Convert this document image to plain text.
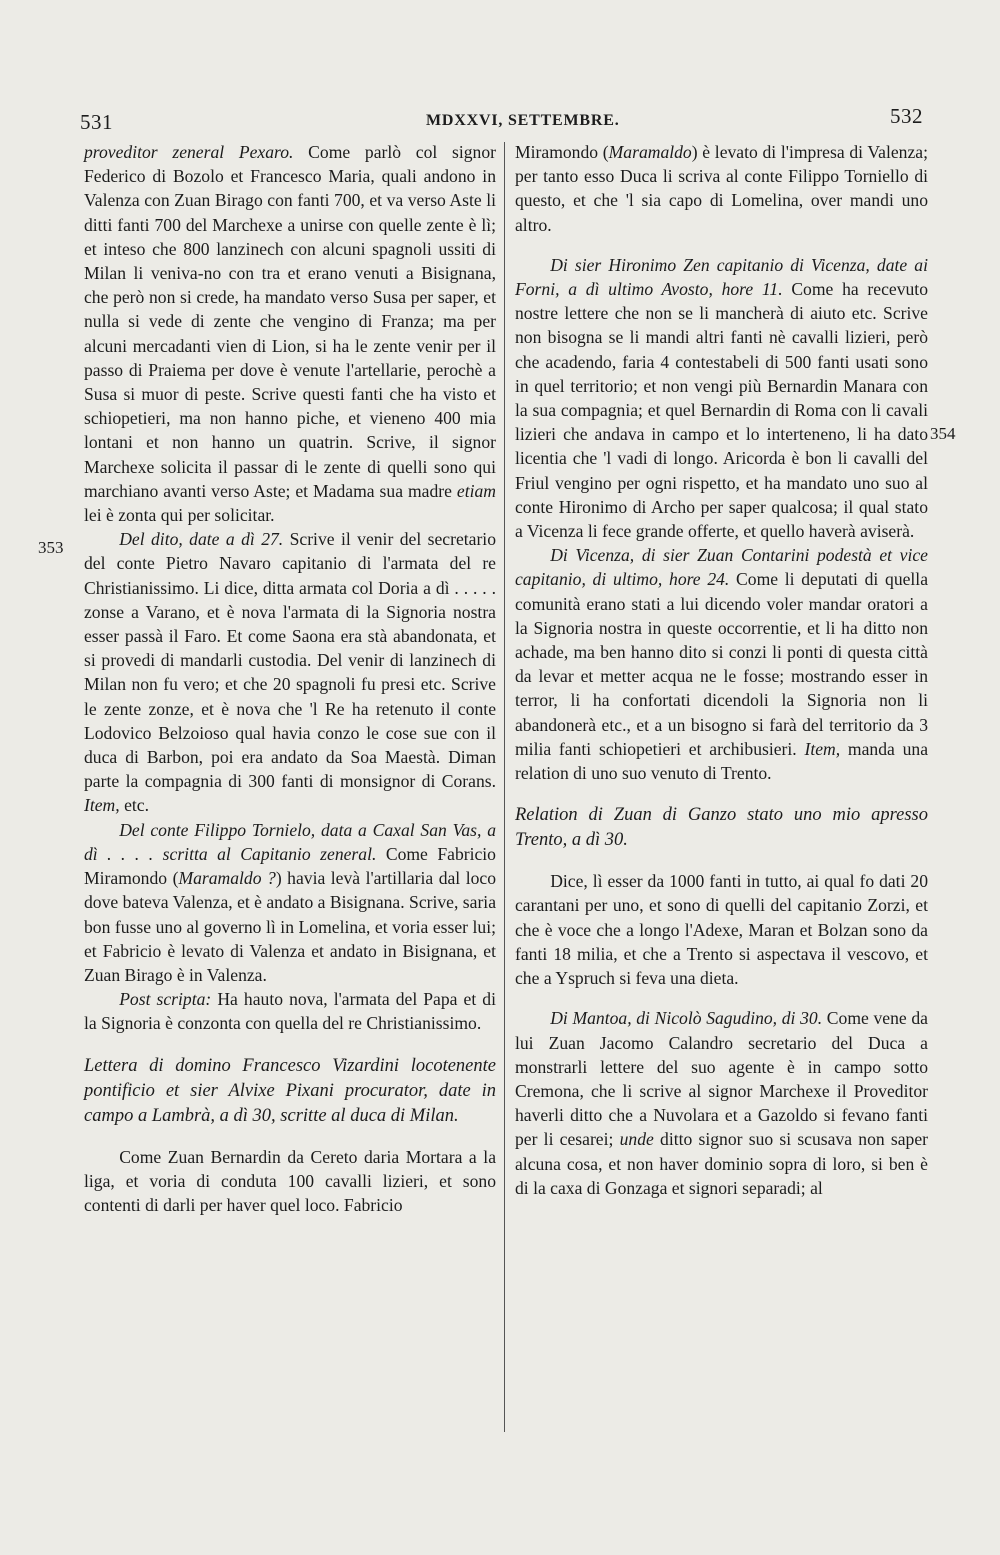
531	MDXXVI, SETTEMBRE.	532
353
354

proveditor zeneral Pexaro. Come parlò col signor Federico di Bozolo et Francesco Maria, quali andono in Valenza con Zuan Birago con fanti 700, et va verso Aste li ditti fanti 700 del Marchexe a unirse con quelle zente è lì; et inteso che 800 lanzinech con alcuni spagnoli ussiti di Milan li veniva-no con tra et erano venuti a Bisignana, che però non si crede, ha mandato verso Susa per saper, et nulla si vede di zente che vengino di Franza; ma per alcuni mercadanti vien di Lion, si ha le zente venir per il passo di Praiema per dove è venute l'artellarie, perochè a Susa si muor di peste. Scrive questi fanti che ha visto et schiopetieri, ma non hanno piche, et vieneno 400 mia lontani et non hanno un quatrin. Scrive, il signor Marchexe solicita il passar di le zente di quelli sono qui marchiano avanti verso Aste; et Madama sua madre etiam lei è zonta qui per solicitar.

Del dito, date a dì 27. Scrive il venir del secretario del conte Pietro Navaro capitanio di l'armata del re Christianissimo. Li dice, ditta armata col Doria a dì . . . . . zonse a Varano, et è nova l'armata di la Signoria nostra esser passà il Faro. Et come Saona era stà abandonata, et si provedi di mandarli custodia. Del venir di lanzinech di Milan non fu vero; et che 20 spagnoli fu presi etc. Scrive le zente zonze, et è nova che 'l Re ha retenuto il conte Lodovico Belzoioso qual havia conzo le cose sue con il duca di Barbon, poi era andato da Soa Maestà. Diman parte la compagnia di 300 fanti di monsignor di Corans. Item, etc.

Del conte Filippo Tornielo, data a Caxal San Vas, a dì . . . . scritta al Capitanio zeneral. Come Fabricio Miramondo (Maramaldo ?) havia levà l'artillaria dal loco dove bateva Valenza, et è andato a Bisignana. Scrive, saria bon fusse uno al governo lì in Lomelina, et voria esser lui; et Fabricio è levato di Valenza et andato in Bisignana, et Zuan Birago è in Valenza.

Post scripta: Ha hauto nova, l'armata del Papa et di la Signoria è conzonta con quella del re Christianissimo.

Lettera di domino Francesco Vizardini locotenente pontificio et sier Alvixe Pixani procurator, date in campo a Lambrà, a dì 30, scritte al duca di Milan.

Come Zuan Bernardin da Cereto daria Mortara a la liga, et voria di conduta 100 cavalli lizieri, et sono contenti di darli per haver quel loco. Fabricio

Miramondo (Maramaldo) è levato di l'impresa di Valenza; per tanto esso Duca li scriva al conte Filippo Torniello di questo, et che 'l sia capo di Lomelina, over mandi uno altro.

Di sier Hironimo Zen capitanio di Vicenza, date ai Forni, a dì ultimo Avosto, hore 11. Come ha recevuto nostre lettere che non se li mancherà di aiuto etc. Scrive non bisogna se li mandi altri fanti nè cavalli lizieri, però che acadendo, faria 4 contestabeli di 500 fanti usati sono in quel territorio; et non vengi più Bernardin Manara con la sua compagnia; et quel Bernardin di Roma con li cavali lizieri che andava in campo et lo interteneno, li ha dato licentia che 'l vadi di longo. Aricorda è bon li cavalli del Friul vengino per ogni rispetto, et ha mandato uno suo al conte Hironimo di Archo per saper qualcosa; il qual stato a Vicenza li fece grande offerte, et quello haverà aviserà.

Di Vicenza, di sier Zuan Contarini podestà et vice capitanio, di ultimo, hore 24. Come li deputati di quella comunità erano stati a lui dicendo voler mandar oratori a la Signoria nostra in queste occorrentie, et li ha ditto non achade, ma ben hanno dito si conzi li ponti di questa città da levar et metter acqua ne le fosse; mostrando esser in terror, li ha confortati dicendoli la Signoria non li abandonerà etc., et a un bisogno si farà del territorio da 3 milia fanti schiopetieri et archibusieri. Item, manda una relation di uno suo venuto di Trento.

Relation di Zuan di Ganzo stato uno mio apresso Trento, a dì 30.

Dice, lì esser da 1000 fanti in tutto, ai qual fo dati 20 carantani per uno, et sono di quelli del capitanio Zorzi, et che è voce che a longo l'Adexe, Maran et Bolzan sono da fanti 18 milia, et che a Trento si aspectava il vescovo, et che a Yspruch si feva una dieta.

Di Mantoa, di Nicolò Sagudino, di 30. Come vene da lui Zuan Jacomo Calandro secretario del Duca a monstrarli lettere del suo agente è in campo sotto Cremona, che li scrive al signor Marchexe il Proveditor haverli ditto che a Nuvolara et a Gazoldo si fevano fanti per li cesarei; unde ditto signor suo si scusava non saper alcuna cosa, et non haver dominio sopra di loro, si ben è di la caxa di Gonzaga et signori separadi; al
